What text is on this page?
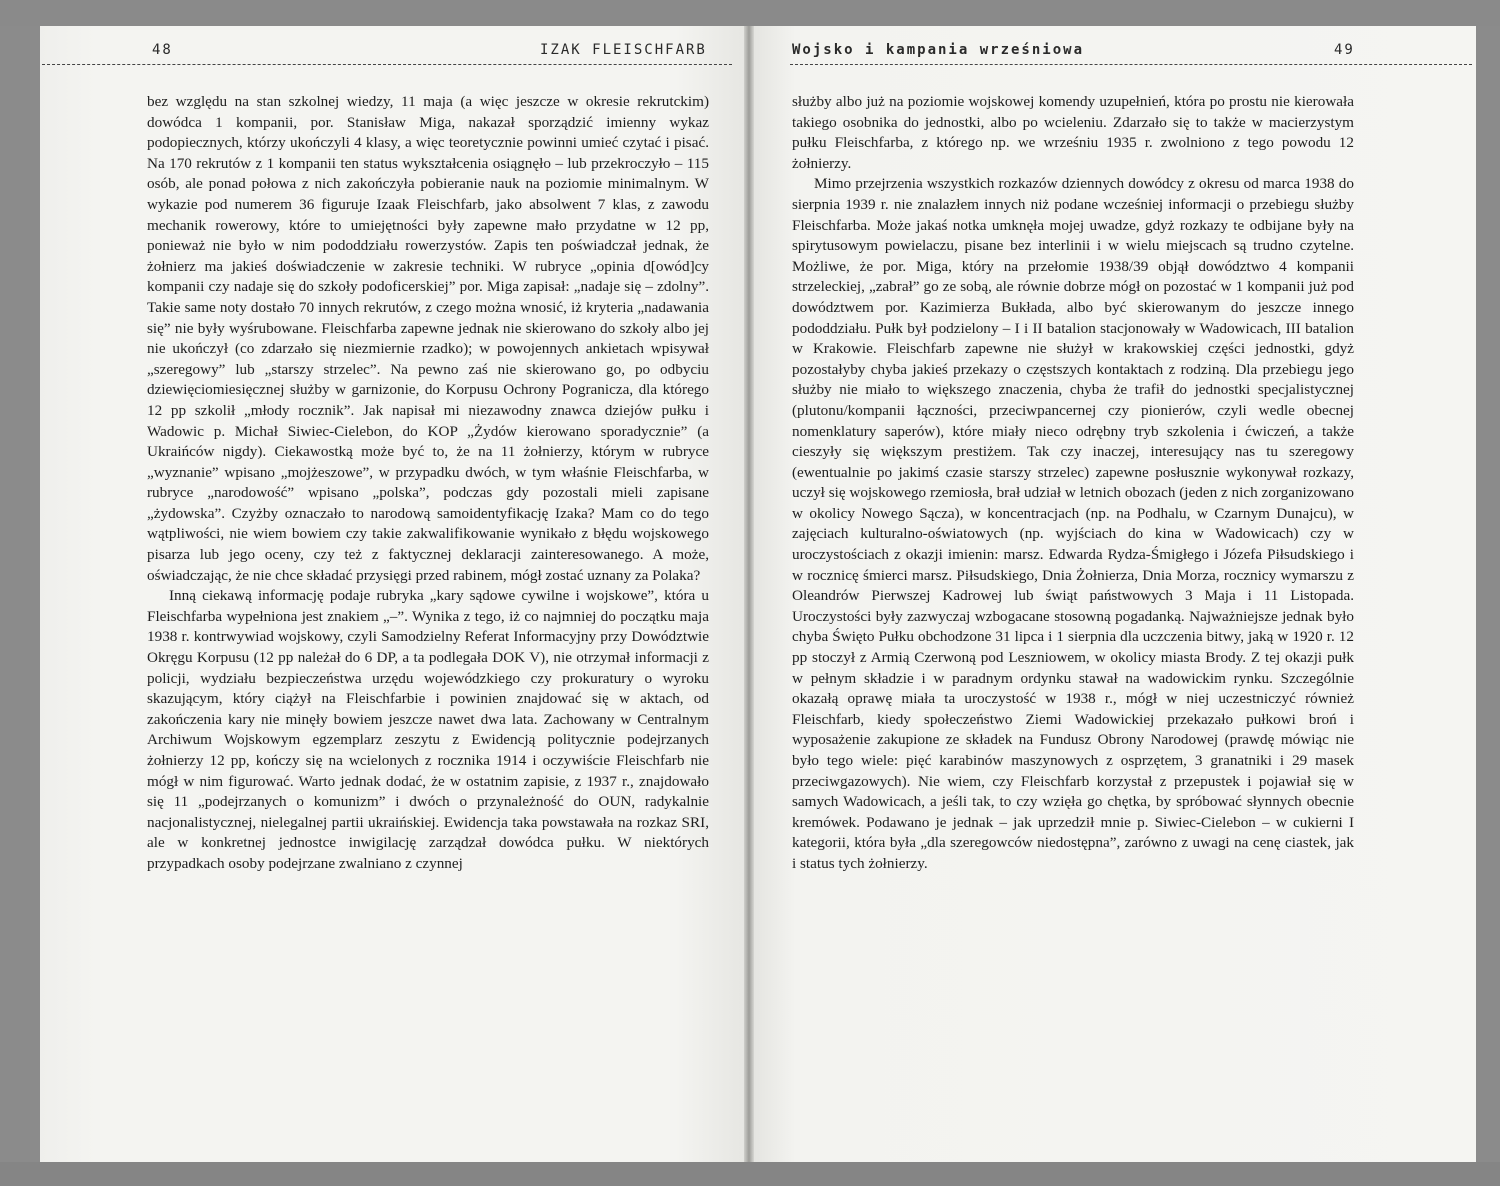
48	IZAK FLEISCHFARB	Wojsko i kampania wrześniowa	49

bez względu na stan szkolnej wiedzy, 11 maja (a więc jeszcze w okresie rekrutckim) dowódca 1 kompanii, por. Stanisław Miga, nakazał sporządzić imienny wykaz podopiecznych, którzy ukończyli 4 klasy, a więc teoretycznie powinni umieć czytać i pisać. Na 170 rekrutów z 1 kompanii ten status wykształcenia osiągnęło – lub przekroczyło – 115 osób, ale ponad połowa z nich zakończyła pobieranie nauk na poziomie minimalnym. W wykazie pod numerem 36 figuruje Izaak Fleischfarb, jako absolwent 7 klas, z zawodu mechanik rowerowy, które to umiejętności były zapewne mało przydatne w 12 pp, ponieważ nie było w nim pododdziału rowerzystów. Zapis ten poświadczał jednak, że żołnierz ma jakieś doświadczenie w zakresie techniki. W rubryce „opinia d[owód]cy kompanii czy nadaje się do szkoły podoficerskiej” por. Miga zapisał: „nadaje się – zdolny”. Takie same noty dostało 70 innych rekrutów, z czego można wnosić, iż kryteria „nadawania się” nie były wyśrubowane. Fleischfarba zapewne jednak nie skierowano do szkoły albo jej nie ukończył (co zdarzało się niezmiernie rzadko); w powojennych ankietach wpisywał „szeregowy” lub „starszy strzelec”. Na pewno zaś nie skierowano go, po odbyciu dziewięciomiesięcznej służby w garnizonie, do Korpusu Ochrony Pogranicza, dla którego 12 pp szkolił „młody rocznik”. Jak napisał mi niezawodny znawca dziejów pułku i Wadowic p. Michał Siwiec-Cielebon, do KOP „Żydów kierowano sporadycznie” (a Ukraińców nigdy). Ciekawostką może być to, że na 11 żołnierzy, którym w rubryce „wyznanie” wpisano „mojżeszowe”, w przypadku dwóch, w tym właśnie Fleischfarba, w rubryce „narodowość” wpisano „polska”, podczas gdy pozostali mieli zapisane „żydowska”. Czyżby oznaczało to narodową samoidentyfikację Izaka? Mam co do tego wątpliwości, nie wiem bowiem czy takie zakwalifikowanie wynikało z błędu wojskowego pisarza lub jego oceny, czy też z faktycznej deklaracji zainteresowanego. A może, oświadczając, że nie chce składać przysięgi przed rabinem, mógł zostać uznany za Polaka?

Inną ciekawą informację podaje rubryka „kary sądowe cywilne i wojskowe”, która u Fleischfarba wypełniona jest znakiem „–”. Wynika z tego, iż co najmniej do początku maja 1938 r. kontrwywiad wojskowy, czyli Samodzielny Referat Informacyjny przy Dowództwie Okręgu Korpusu (12 pp należał do 6 DP, a ta podlegała DOK V), nie otrzymał informacji z policji, wydziału bezpieczeństwa urzędu wojewódzkiego czy prokuratury o wyroku skazującym, który ciążył na Fleischfarbie i powinien znajdować się w aktach, od zakończenia kary nie minęły bowiem jeszcze nawet dwa lata. Zachowany w Centralnym Archiwum Wojskowym egzemplarz zeszytu z Ewidencją politycznie podejrzanych żołnierzy 12 pp, kończy się na wcielonych z rocznika 1914 i oczywiście Fleischfarb nie mógł w nim figurować. Warto jednak dodać, że w ostatnim zapisie, z 1937 r., znajdowało się 11 „podejrzanych o komunizm” i dwóch o przynależność do OUN, radykalnie nacjonalistycznej, nielegalnej partii ukraińskiej. Ewidencja taka powstawała na rozkaz SRI, ale w konkretnej jednostce inwigilację zarządzał dowódca pułku. W niektórych przypadkach osoby podejrzane zwalniano z czynnej

służby albo już na poziomie wojskowej komendy uzupełnień, która po prostu nie kierowała takiego osobnika do jednostki, albo po wcieleniu. Zdarzało się to także w macierzystym pułku Fleischfarba, z którego np. we wrześniu 1935 r. zwolniono z tego powodu 12 żołnierzy.

Mimo przejrzenia wszystkich rozkazów dziennych dowódcy z okresu od marca 1938 do sierpnia 1939 r. nie znalazłem innych niż podane wcześniej informacji o przebiegu służby Fleischfarba. Może jakaś notka umknęła mojej uwadze, gdyż rozkazy te odbijane były na spirytusowym powielaczu, pisane bez interlinii i w wielu miejscach są trudno czytelne. Możliwe, że por. Miga, który na przełomie 1938/39 objął dowództwo 4 kompanii strzeleckiej, „zabrał” go ze sobą, ale równie dobrze mógł on pozostać w 1 kompanii już pod dowództwem por. Kazimierza Bukłada, albo być skierowanym do jeszcze innego pododdziału. Pułk był podzielony – I i II batalion stacjonowały w Wadowicach, III batalion w Krakowie. Fleischfarb zapewne nie służył w krakowskiej części jednostki, gdyż pozostałyby chyba jakieś przekazy o częstszych kontaktach z rodziną. Dla przebiegu jego służby nie miało to większego znaczenia, chyba że trafił do jednostki specjalistycznej (plutonu/kompanii łączności, przeciwpancernej czy pionierów, czyli wedle obecnej nomenklatury saperów), które miały nieco odrębny tryb szkolenia i ćwiczeń, a także cieszyły się większym prestiżem. Tak czy inaczej, interesujący nas tu szeregowy (ewentualnie po jakimś czasie starszy strzelec) zapewne posłusznie wykonywał rozkazy, uczył się wojskowego rzemiosła, brał udział w letnich obozach (jeden z nich zorganizowano w okolicy Nowego Sącza), w koncentracjach (np. na Podhalu, w Czarnym Dunajcu), w zajęciach kulturalno-oświatowych (np. wyjściach do kina w Wadowicach) czy w uroczystościach z okazji imienin: marsz. Edwarda Rydza-Śmigłego i Józefa Piłsudskiego i w rocznicę śmierci marsz. Piłsudskiego, Dnia Żołnierza, Dnia Morza, rocznicy wymarszu z Oleandrów Pierwszej Kadrowej lub świąt państwowych 3 Maja i 11 Listopada. Uroczystości były zazwyczaj wzbogacane stosowną pogadanką. Najważniejsze jednak było chyba Święto Pułku obchodzone 31 lipca i 1 sierpnia dla uczczenia bitwy, jaką w 1920 r. 12 pp stoczył z Armią Czerwoną pod Leszniowem, w okolicy miasta Brody. Z tej okazji pułk w pełnym składzie i w paradnym ordynku stawał na wadowickim rynku. Szczególnie okazałą oprawę miała ta uroczystość w 1938 r., mógł w niej uczestniczyć również Fleischfarb, kiedy społeczeństwo Ziemi Wadowickiej przekazało pułkowi broń i wyposażenie zakupione ze składek na Fundusz Obrony Narodowej (prawdę mówiąc nie było tego wiele: pięć karabinów maszynowych z osprzętem, 3 granatniki i 29 masek przeciwgazowych). Nie wiem, czy Fleischfarb korzystał z przepustek i pojawiał się w samych Wadowicach, a jeśli tak, to czy wzięła go chętka, by spróbować słynnych obecnie kremówek. Podawano je jednak – jak uprzedził mnie p. Siwiec-Cielebon – w cukierni I kategorii, która była „dla szeregowców niedostępna”, zarówno z uwagi na cenę ciastek, jak i status tych żołnierzy.
